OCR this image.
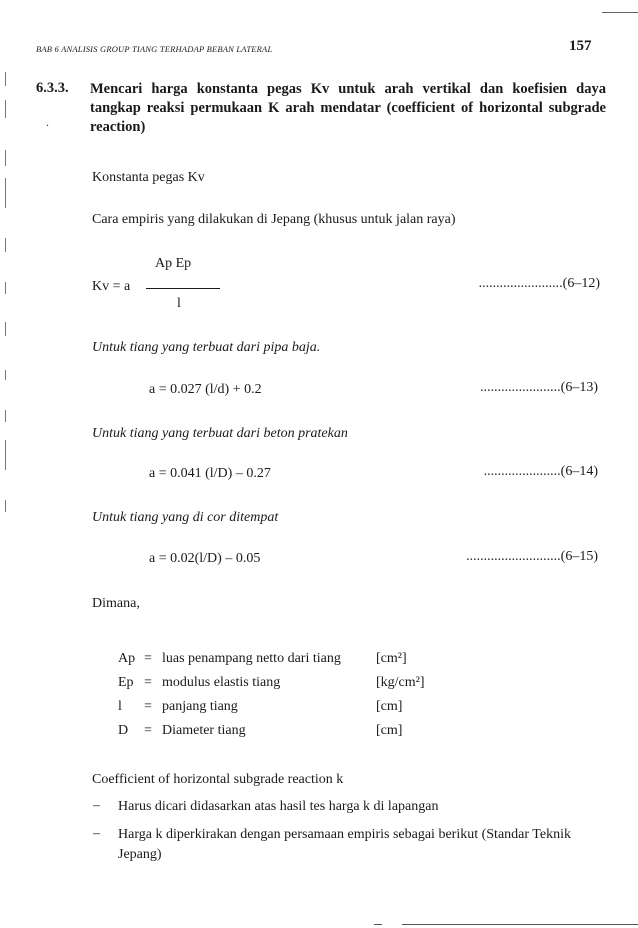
BAB 6 ANALISIS GROUP TIANG TERHADAP BEBAN LATERAL	157
6.3.3. Mencari harga konstanta pegas Kv untuk arah vertikal dan koefisien daya tangkap reaksi permukaan K arah mendatar (coefficient of horizontal subgrade reaction)
.
Konstanta pegas Kv
Cara empiris yang dilakukan di Jepang (khusus untuk jalan raya)
Ap Ep
Kv = a
l
........................(6–12)
Untuk tiang yang terbuat dari pipa baja.
a = 0.027 (l/d) + 0.2	.......................(6–13)
Untuk tiang yang terbuat dari beton pratekan
a = 0.041 (l/D) – 0.27	......................(6–14)
Untuk tiang yang di cor ditempat
a = 0.02(l/D) – 0.05	...........................(6–15)
Dimana,
Ap = luas penampang netto dari tiang	[cm²]
Ep = modulus elastis tiang	[kg/cm²]
l = panjang tiang	[cm]
D = Diameter tiang	[cm]
Coefficient of horizontal subgrade reaction k
– Harus dicari didasarkan atas hasil tes harga k di lapangan
– Harga k diperkirakan dengan persamaan empiris sebagai berikut (Standar Teknik Jepang)
